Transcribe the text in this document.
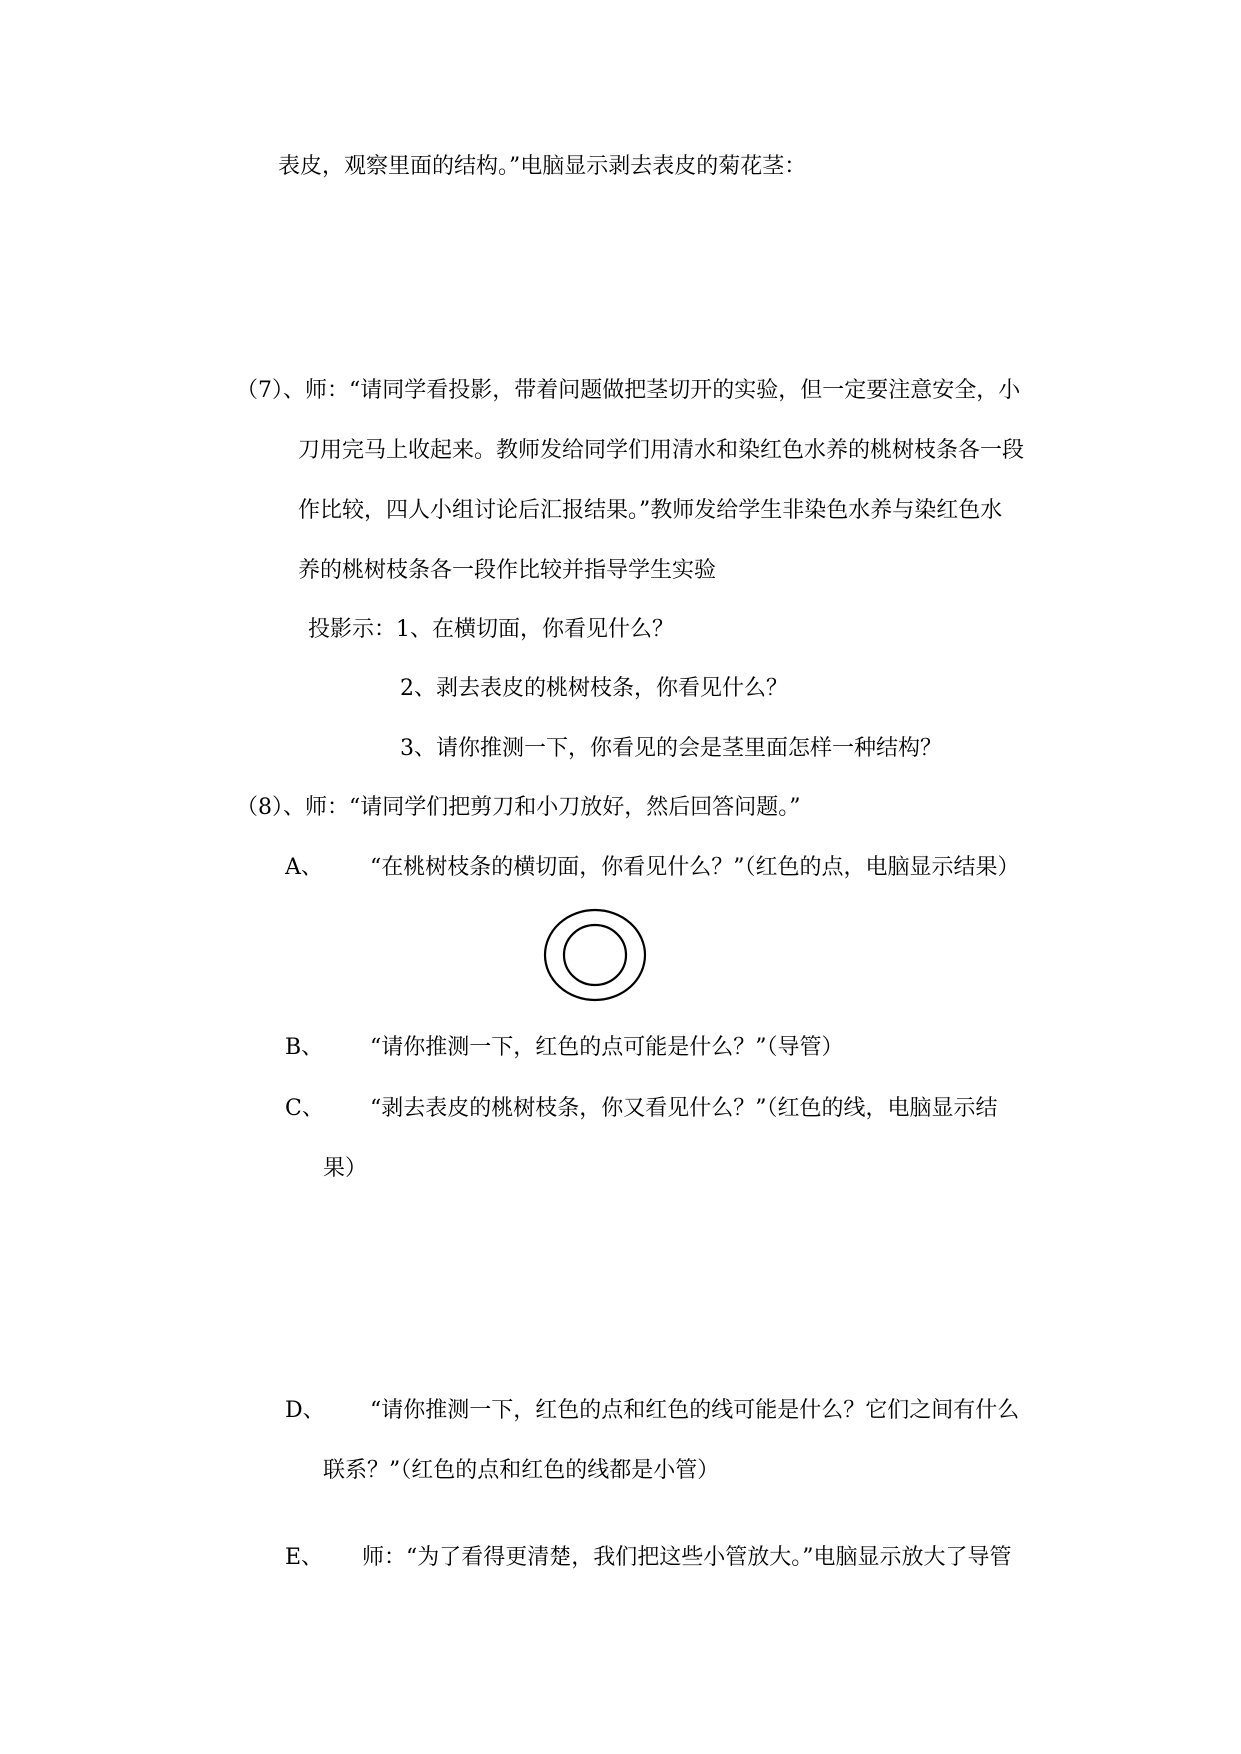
表皮，观察里面的结构。”电脑显示剥去表皮的菊花茎：
（7）、师：“请同学看投影，带着问题做把茎切开的实验，但一定要注意安全，小
刀用完马上收起来。教师发给同学们用清水和染红色水养的桃树枝条各一段
作比较，四人小组讨论后汇报结果。”教师发给学生非染色水养与染红色水
养的桃树枝条各一段作比较并指导学生实验
投影示：1、在横切面，你看见什么？
2、剥去表皮的桃树枝条，你看见什么？
3、请你推测一下，你看见的会是茎里面怎样一种结构？
（8）、师：“请同学们把剪刀和小刀放好，然后回答问题。”
A、 “在桃树枝条的横切面，你看见什么？”（红色的点，电脑显示结果）
B、 “请你推测一下，红色的点可能是什么？”（导管）
C、 “剥去表皮的桃树枝条，你又看见什么？”（红色的线，电脑显示结
果）
D、 “请你推测一下，红色的点和红色的线可能是什么？它们之间有什么
联系？”（红色的点和红色的线都是小管）
E、 师：“为了看得更清楚，我们把这些小管放大。”电脑显示放大了导管
